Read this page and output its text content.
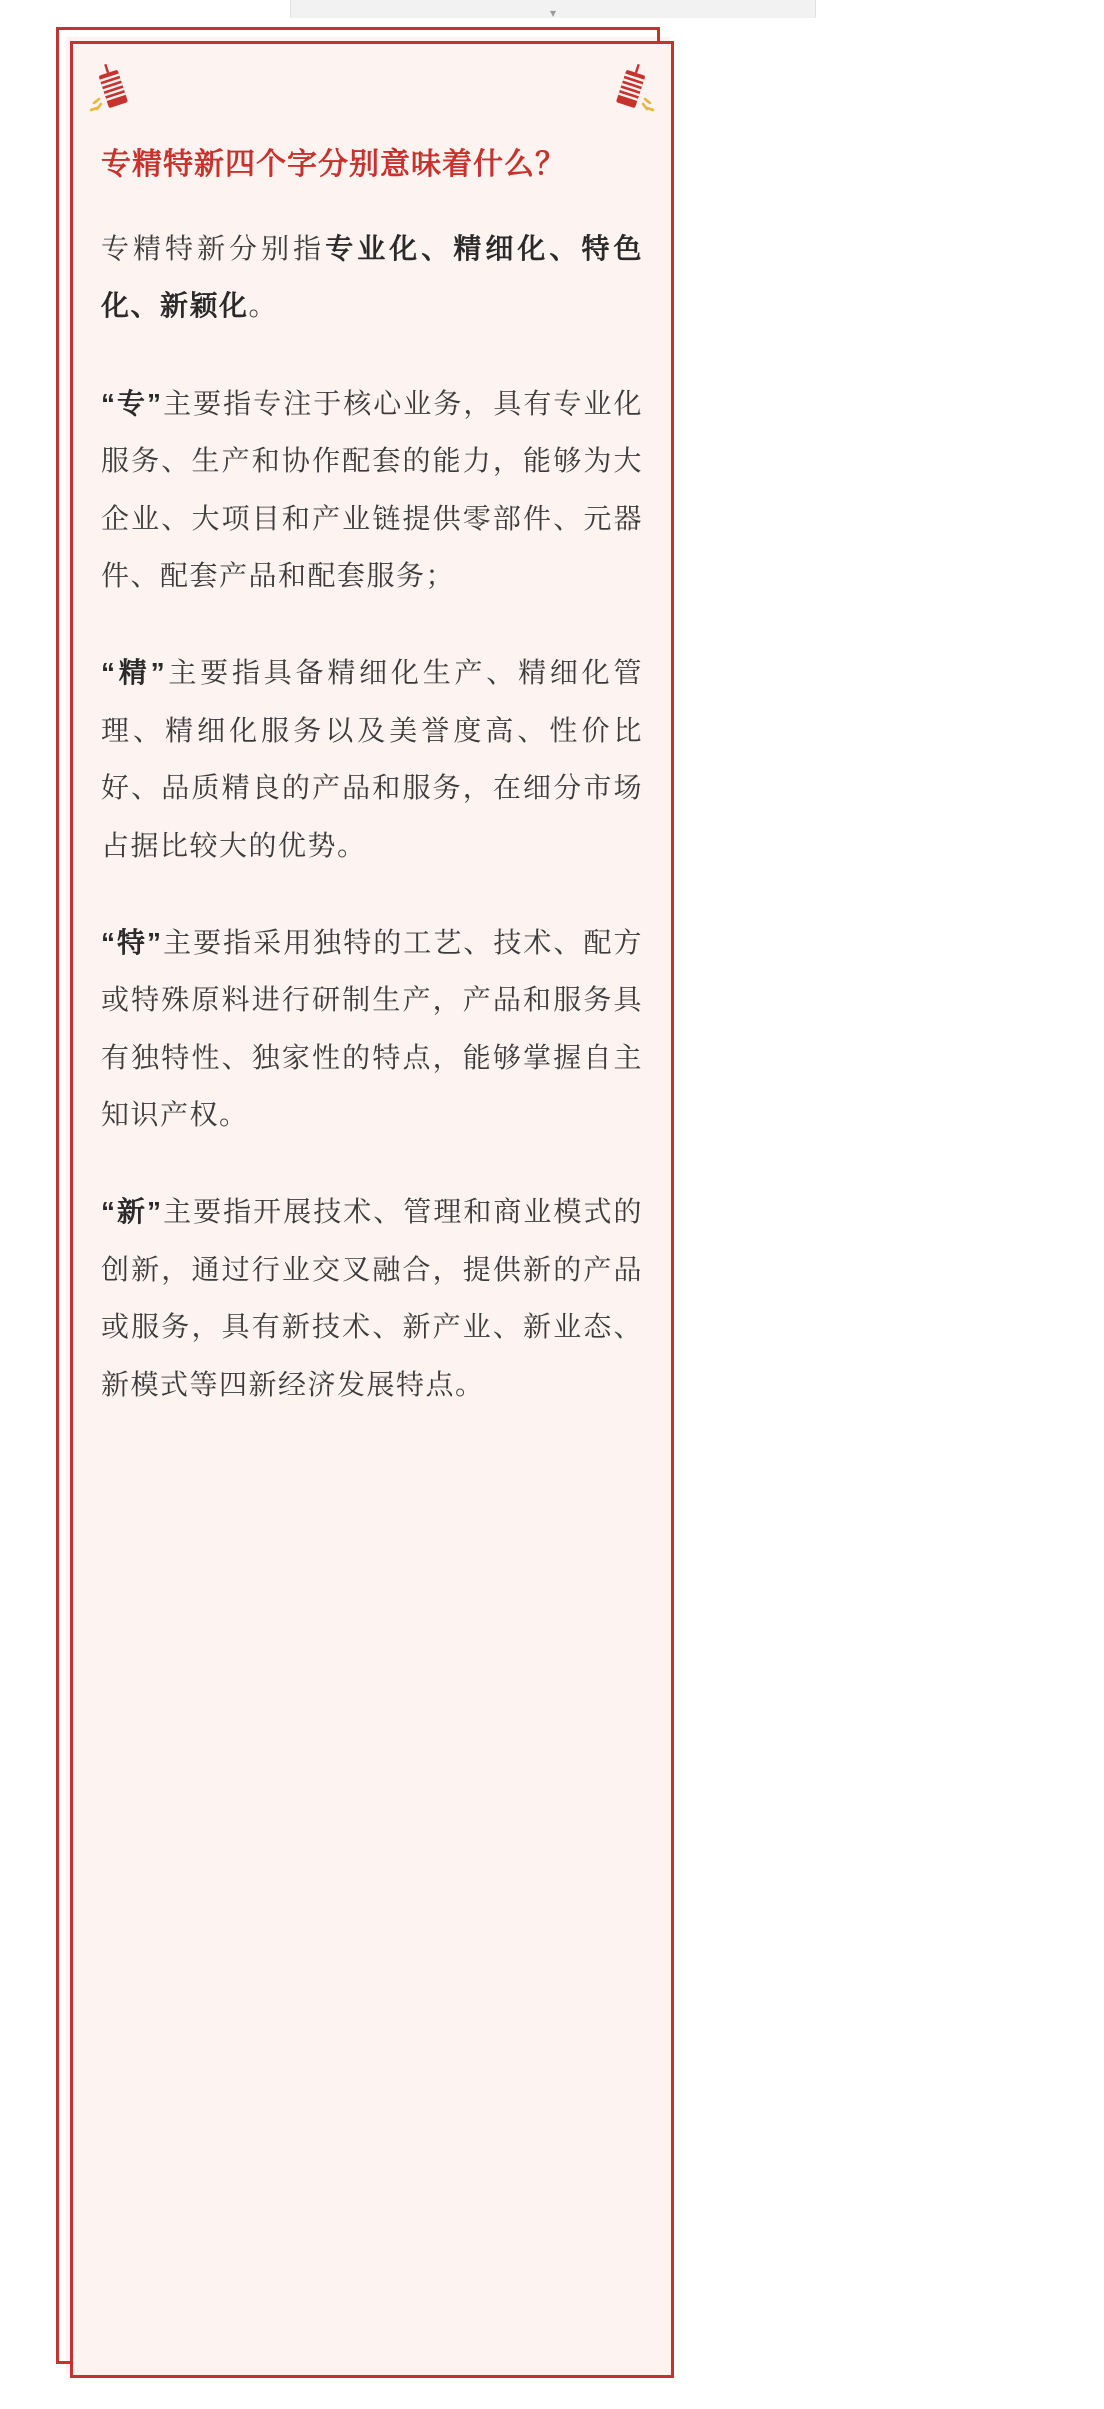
▾
专精特新四个字分别意味着什么？
专精特新分别指专业化、精细化、特色化、新颖化。
“专”主要指专注于核心业务，具有专业化服务、生产和协作配套的能力，能够为大企业、大项目和产业链提供零部件、元器件、配套产品和配套服务；
“精”主要指具备精细化生产、精细化管理、精细化服务以及美誉度高、性价比好、品质精良的产品和服务，在细分市场占据比较大的优势。
“特”主要指采用独特的工艺、技术、配方或特殊原料进行研制生产，产品和服务具有独特性、独家性的特点，能够掌握自主知识产权。
“新”主要指开展技术、管理和商业模式的创新，通过行业交叉融合，提供新的产品或服务，具有新技术、新产业、新业态、新模式等四新经济发展特点。
